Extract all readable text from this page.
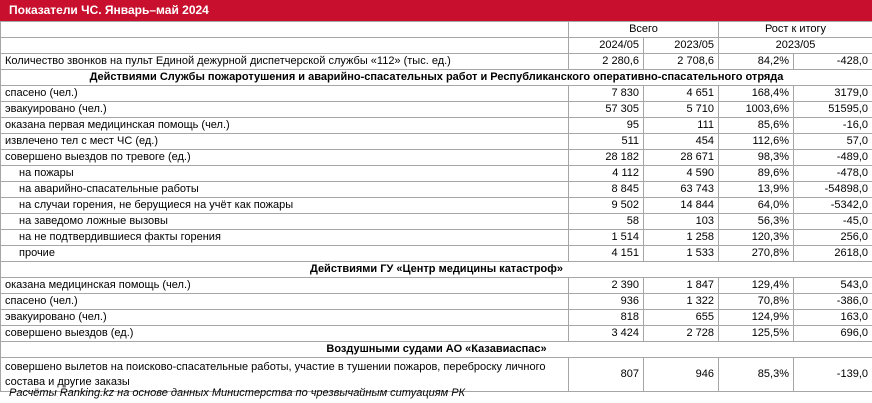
Показатели ЧС. Январь–май 2024
	Всего		Рост к итогу	
	2024/05	2023/05	2023/05	
Количество звонков на пульт Единой дежурной диспетчерской службы «112» (тыс. ед.)	2 280,6	2 708,6	84,2%	-428,0
Действиями Службы пожаротушения и аварийно-спасательных работ и Республиканского оперативно-спасательного отряда				
спасено (чел.)	7 830	4 651	168,4%	3179,0
эвакуировано (чел.)	57 305	5 710	1003,6%	51595,0
оказана первая медицинская помощь (чел.)	95	111	85,6%	-16,0
извлечено тел с мест ЧС (ед.)	511	454	112,6%	57,0
совершено выездов по тревоге (ед.)	28 182	28 671	98,3%	-489,0
на пожары	4 112	4 590	89,6%	-478,0
на аварийно-спасательные работы	8 845	63 743	13,9%	-54898,0
на случаи горения, не берущиеся на учёт как пожары	9 502	14 844	64,0%	-5342,0
на заведомо ложные вызовы	58	103	56,3%	-45,0
на не подтвердившиеся факты горения	1 514	1 258	120,3%	256,0
прочие	4 151	1 533	270,8%	2618,0
Действиями ГУ «Центр медицины катастроф»				
оказана медицинская помощь (чел.)	2 390	1 847	129,4%	543,0
спасено (чел.)	936	1 322	70,8%	-386,0
эвакуировано (чел.)	818	655	124,9%	163,0
совершено выездов (ед.)	3 424	2 728	125,5%	696,0
Воздушными судами АО «Казавиаспас»				
совершено вылетов на поисково-спасательные работы, участие в тушении пожаров, переброску личного состава и другие заказы	807	946	85,3%	-139,0
Расчёты Ranking.kz на основе данных Министерства по чрезвычайным ситуациям РК
